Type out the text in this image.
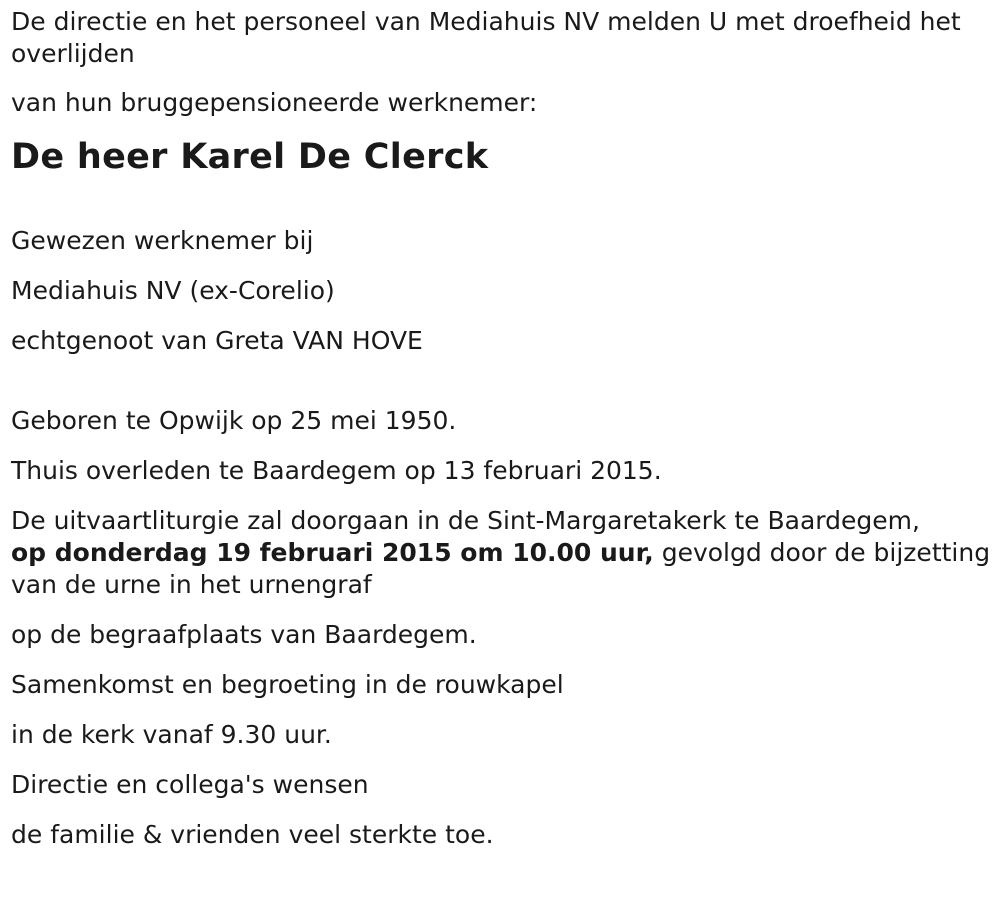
De directie en het personeel van Mediahuis NV melden U met droefheid het overlijden
van hun bruggepensioneerde werknemer:
De heer Karel De Clerck
Gewezen werknemer bij
Mediahuis NV (ex-Corelio)
echtgenoot van Greta VAN HOVE
Geboren te Opwijk op 25 mei 1950.
Thuis overleden te Baardegem op 13 februari 2015.
De uitvaartliturgie zal doorgaan in de Sint-Margaretakerk te Baardegem,
op donderdag 19 februari 2015 om 10.00 uur, gevolgd door de bijzetting van de urne in het urnengraf
op de begraafplaats van Baardegem.
Samenkomst en begroeting in de rouwkapel
in de kerk vanaf 9.30 uur.
Directie en collega's wensen
de familie & vrienden veel sterkte toe.
